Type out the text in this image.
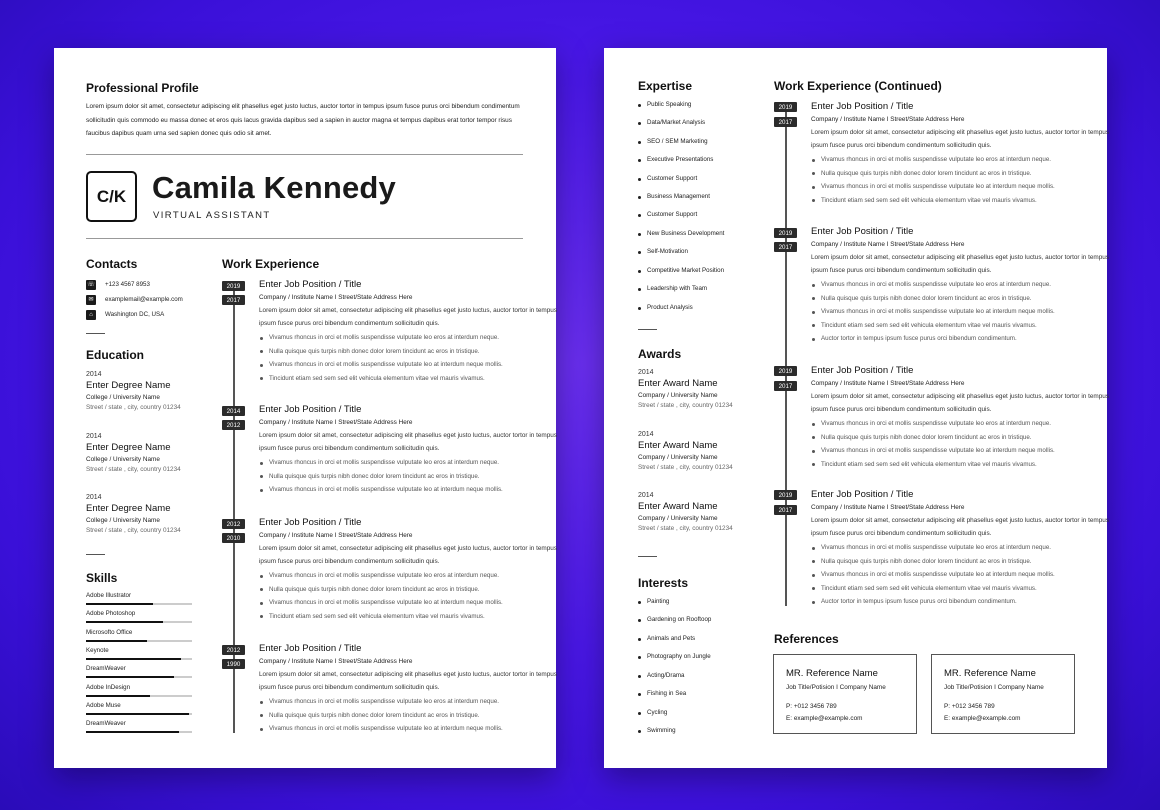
Professional Profile
Lorem ipsum dolor sit amet, consectetur adipiscing elit phasellus eget justo luctus, auctor tortor in tempus ipsum fusce purus orci bibendum condimentum sollicitudin quis commodo eu massa donec et eros quis lacus gravida dapibus sed a sapien in auctor magna et tempus dapibus erat tortor tempor risus faucibus dapibus quam urna sed sapien donec quis odio sit amet.
C/K Camila Kennedy
VIRTUAL ASSISTANT
Contacts
☏ +123 4567 8953
✉	examplemail@example.com
⌂	Washington DC, USA
Education
2014
Enter Degree Name
College / University Name
Street / state , city, country 01234
2014
Enter Degree Name
College / University Name
Street / state , city, country 01234
2014
Enter Degree Name
College / University Name
Street / state , city, country 01234
Skills
Adobe Illustrator
Adobe Photoshop
Microsofto Office
Keynote
DreamWeaver
Adobe InDesign
Adobe Muse
DreamWeaver
Work Experience
2019
2017
Enter Job Position / Title
Company / Institute Name I Street/State Address Here
Lorem ipsum dolor sit amet, consectetur adipiscing elit phasellus eget justo luctus, auctor tortor in tempus ipsum fusce purus orci bibendum condimentum sollicitudin quis.
Vivamus rhoncus in orci et mollis suspendisse vulputate leo eros at interdum neque.
Nulla quisque quis turpis nibh donec dolor lorem tincidunt ac eros in tristique.
Vivamus rhoncus in orci et mollis suspendisse vulputate leo at interdum neque mollis.
Tincidunt etiam sed sem sed elit vehicula elementum vitae vel mauris vivamus.
2014
2012
Enter Job Position / Title
Company / Institute Name I Street/State Address Here
Lorem ipsum dolor sit amet, consectetur adipiscing elit phasellus eget justo luctus, auctor tortor in tempus ipsum fusce purus orci bibendum condimentum sollicitudin quis.
Vivamus rhoncus in orci et mollis suspendisse vulputate leo eros at interdum neque.
Nulla quisque quis turpis nibh donec dolor lorem tincidunt ac eros in tristique.
Vivamus rhoncus in orci et mollis suspendisse vulputate leo at interdum neque mollis.
2012
2010
Enter Job Position / Title
Company / Institute Name I Street/State Address Here
Lorem ipsum dolor sit amet, consectetur adipiscing elit phasellus eget justo luctus, auctor tortor in tempus ipsum fusce purus orci bibendum condimentum sollicitudin quis.
Vivamus rhoncus in orci et mollis suspendisse vulputate leo eros at interdum neque.
Nulla quisque quis turpis nibh donec dolor lorem tincidunt ac eros in tristique.
Vivamus rhoncus in orci et mollis suspendisse vulputate leo at interdum neque mollis.
Tincidunt etiam sed sem sed elit vehicula elementum vitae vel mauris vivamus.
2012
1990
Enter Job Position / Title
Company / Institute Name I Street/State Address Here
Lorem ipsum dolor sit amet, consectetur adipiscing elit phasellus eget justo luctus, auctor tortor in tempus ipsum fusce purus orci bibendum condimentum sollicitudin quis.
Vivamus rhoncus in orci et mollis suspendisse vulputate leo eros at interdum neque.
Nulla quisque quis turpis nibh donec dolor lorem tincidunt ac eros in tristique.
Vivamus rhoncus in orci et mollis suspendisse vulputate leo at interdum neque mollis.
Expertise
Public Speaking
Data/Market Analysis
SEO / SEM Marketing
Executive Presentations
Customer Support
Business Management
Customer Support
New Business Development
Self-Motivation
Competitive Market Position
Leadership with Team
Product Analysis
Awards
2014
Enter Award Name
Company / University Name
Street / state , city, country 01234
2014
Enter Award Name
Company / University Name
Street / state , city, country 01234
2014
Enter Award Name
Company / University Name
Street / state , city, country 01234
Interests
Painting
Gardening on Rooftoop
Animals and Pets
Photography on Jungle
Acting/Drama
Fishing in Sea
Cycling
Swimming
Work Experience (Continued)
2019
2017
Enter Job Position / Title
Company / Institute Name I Street/State Address Here
Lorem ipsum dolor sit amet, consectetur adipiscing elit phasellus eget justo luctus, auctor tortor in tempus ipsum fusce purus orci bibendum condimentum sollicitudin quis.
Vivamus rhoncus in orci et mollis suspendisse vulputate leo eros at interdum neque.
Nulla quisque quis turpis nibh donec dolor lorem tincidunt ac eros in tristique.
Vivamus rhoncus in orci et mollis suspendisse vulputate leo at interdum neque mollis.
Tincidunt etiam sed sem sed elit vehicula elementum vitae vel mauris vivamus.
2019
2017
Enter Job Position / Title
Company / Institute Name I Street/State Address Here
Lorem ipsum dolor sit amet, consectetur adipiscing elit phasellus eget justo luctus, auctor tortor in tempus ipsum fusce purus orci bibendum condimentum sollicitudin quis.
Vivamus rhoncus in orci et mollis suspendisse vulputate leo eros at interdum neque.
Nulla quisque quis turpis nibh donec dolor lorem tincidunt ac eros in tristique.
Vivamus rhoncus in orci et mollis suspendisse vulputate leo at interdum neque mollis.
Tincidunt etiam sed sem sed elit vehicula elementum vitae vel mauris vivamus.
Auctor tortor in tempus ipsum fusce purus orci bibendum condimentum.
2019
2017
Enter Job Position / Title
Company / Institute Name I Street/State Address Here
Lorem ipsum dolor sit amet, consectetur adipiscing elit phasellus eget justo luctus, auctor tortor in tempus ipsum fusce purus orci bibendum condimentum sollicitudin quis.
Vivamus rhoncus in orci et mollis suspendisse vulputate leo eros at interdum neque.
Nulla quisque quis turpis nibh donec dolor lorem tincidunt ac eros in tristique.
Vivamus rhoncus in orci et mollis suspendisse vulputate leo at interdum neque mollis.
Tincidunt etiam sed sem sed elit vehicula elementum vitae vel mauris vivamus.
2019
2017
Enter Job Position / Title
Company / Institute Name I Street/State Address Here
Lorem ipsum dolor sit amet, consectetur adipiscing elit phasellus eget justo luctus, auctor tortor in tempus ipsum fusce purus orci bibendum condimentum sollicitudin quis.
Vivamus rhoncus in orci et mollis suspendisse vulputate leo eros at interdum neque.
Nulla quisque quis turpis nibh donec dolor lorem tincidunt ac eros in tristique.
Vivamus rhoncus in orci et mollis suspendisse vulputate leo at interdum neque mollis.
Tincidunt etiam sed sem sed elit vehicula elementum vitae vel mauris vivamus.
Auctor tortor in tempus ipsum fusce purus orci bibendum condimentum.
References
MR. Reference Name
Job Title/Potision I Company Name
P: +012 3456 789
E: example@example.com
MR. Reference Name
Job Title/Potision I Company Name
P: +012 3456 789
E: example@example.com
